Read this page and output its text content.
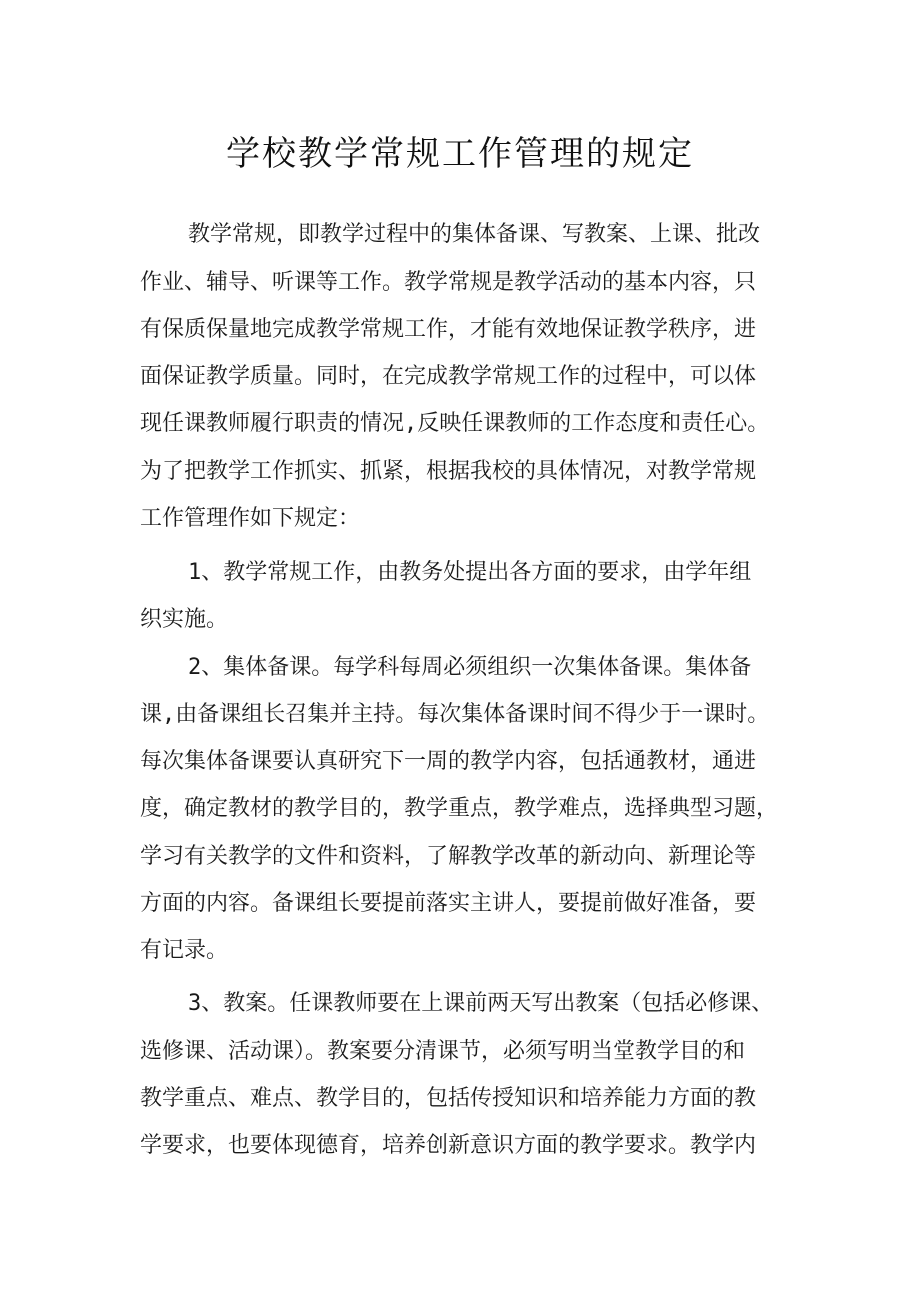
学校教学常规工作管理的规定
教学常规，即教学过程中的集体备课、写教案、上课、批改
作业、辅导、听课等工作。教学常规是教学活动的基本内容，只
有保质保量地完成教学常规工作，才能有效地保证教学秩序，进
面保证教学质量。同时，在完成教学常规工作的过程中，可以体
现任课教师履行职责的情况,反映任课教师的工作态度和责任心。
为了把教学工作抓实、抓紧，根据我校的具体情况，对教学常规
工作管理作如下规定：
1、教学常规工作，由教务处提出各方面的要求，由学年组
织实施。
2、集体备课。每学科每周必须组织一次集体备课。集体备
课,由备课组长召集并主持。每次集体备课时间不得少于一课时。
每次集体备课要认真研究下一周的教学内容，包括通教材，通进
度，确定教材的教学目的，教学重点，教学难点，选择典型习题，
学习有关教学的文件和资料，了解教学改革的新动向、新理论等
方面的内容。备课组长要提前落实主讲人，要提前做好准备，要
有记录。
3、教案。任课教师要在上课前两天写出教案（包括必修课、
选修课、活动课）。教案要分清课节，必须写明当堂教学目的和
教学重点、难点、教学目的，包括传授知识和培养能力方面的教
学要求，也要体现德育，培养创新意识方面的教学要求。教学内
